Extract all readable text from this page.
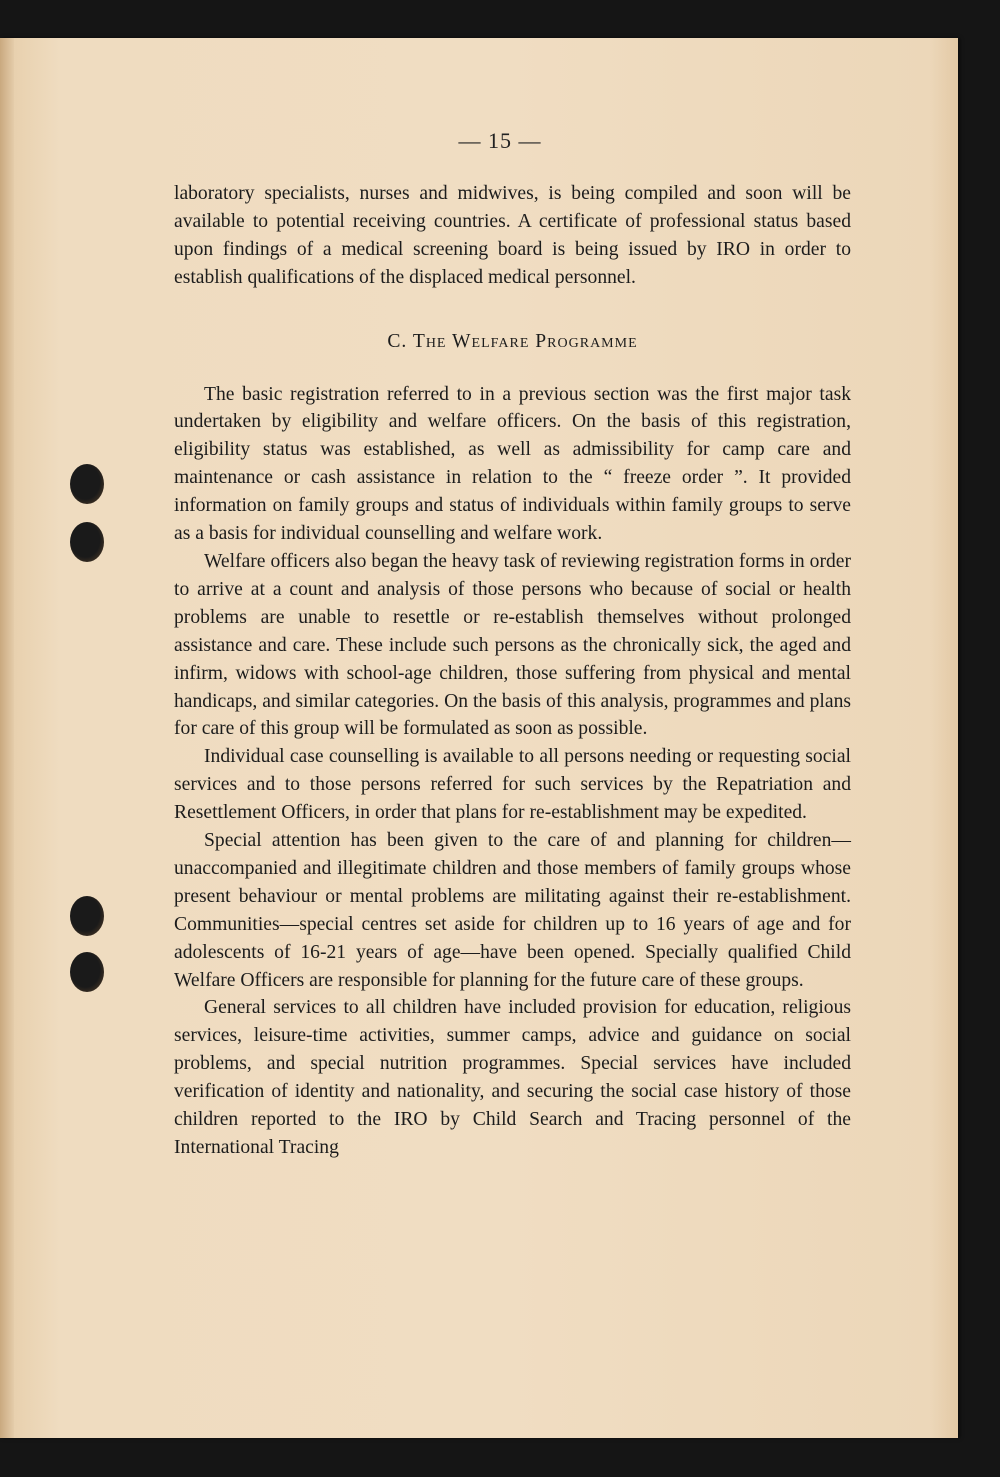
— 15 —

laboratory specialists, nurses and midwives, is being compiled and soon will be available to potential receiving countries. A certificate of professional status based upon findings of a medical screening board is being issued by IRO in order to establish qualifications of the displaced medical personnel.

C. The Welfare Programme

The basic registration referred to in a previous section was the first major task undertaken by eligibility and welfare officers. On the basis of this registration, eligibility status was established, as well as admissibility for camp care and maintenance or cash assistance in relation to the “ freeze order ”. It provided information on family groups and status of individuals within family groups to serve as a basis for individual counselling and welfare work.

Welfare officers also began the heavy task of reviewing registration forms in order to arrive at a count and analysis of those persons who because of social or health problems are unable to resettle or re-establish themselves without prolonged assistance and care. These include such persons as the chronically sick, the aged and infirm, widows with school-age children, those suffering from physical and mental handicaps, and similar categories. On the basis of this analysis, programmes and plans for care of this group will be formulated as soon as possible.

Individual case counselling is available to all persons needing or requesting social services and to those persons referred for such services by the Repatriation and Resettlement Officers, in order that plans for re-establishment may be expedited.

Special attention has been given to the care of and planning for children—unaccompanied and illegitimate children and those members of family groups whose present behaviour or mental problems are militating against their re-establishment. Communities—special centres set aside for children up to 16 years of age and for adolescents of 16-21 years of age—have been opened. Specially qualified Child Welfare Officers are responsible for planning for the future care of these groups.

General services to all children have included provision for education, religious services, leisure-time activities, summer camps, advice and guidance on social problems, and special nutrition programmes. Special services have included verification of identity and nationality, and securing the social case history of those children reported to the IRO by Child Search and Tracing personnel of the International Tracing
